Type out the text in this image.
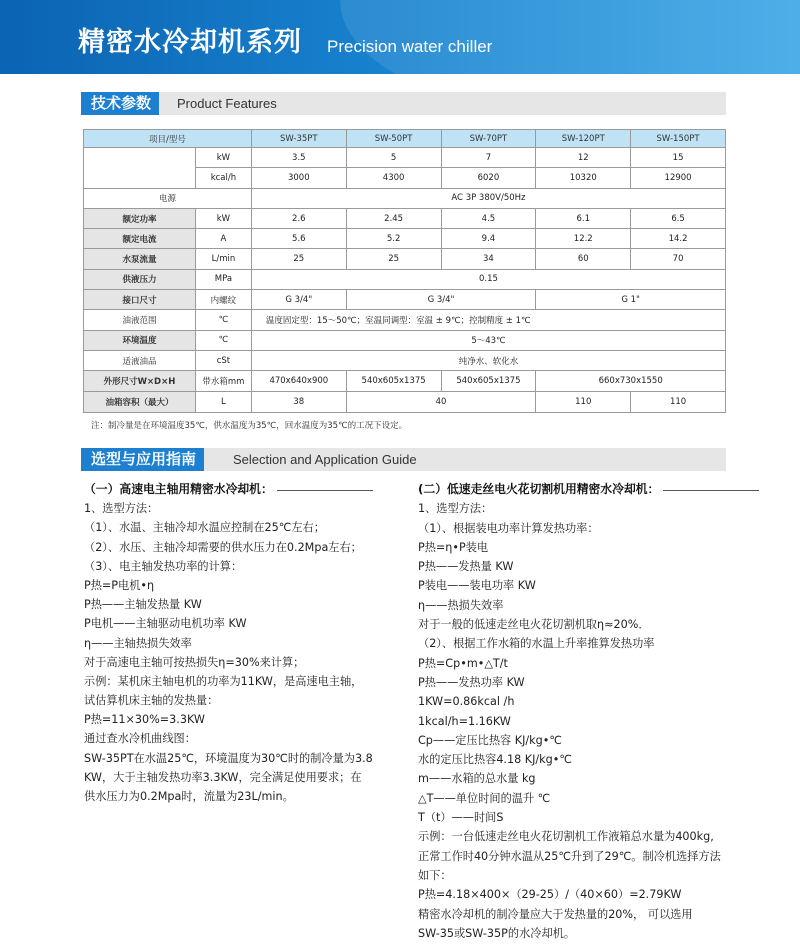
精密水冷却机系列 Precision water chiller
技术参数	Product Features
项目/型号		SW-35PT	SW-50PT	SW-70PT	SW-120PT	SW-150PT
	kW	3.5	5	7	12	15
	kcal/h	3000	4300	6020	10320	12900
电源		AC 3P 380V/50Hz				
额定功率	kW	2.6	2.45	4.5	6.1	6.5
额定电流	A	5.6	5.2	9.4	12.2	14.2
水泵流量	L/min	25	25	34	60	70
供液压力	MPa	0.15				
接口尺寸	内螺纹	G 3/4"	G 3/4"		G 1"	
油液范围	℃	温度固定型：15～50℃；室温同调型：室温 ± 9℃；控制精度 ± 1℃				
环境温度	℃	5～43℃				
适液油品	cSt	纯净水、软化水				
外形尺寸W×D×H	带水箱mm	470x640x900	540x605x1375	540x605x1375	660x730x1550	
油箱容积（最大）	L	38	40		110	110
注：制冷量是在环境温度35℃，供水温度为35℃，回水温度为35℃的工况下设定。
选型与应用指南	Selection and Application Guide
（一）高速电主轴用精密水冷却机：
1、选型方法：
（1）、水温、主轴冷却水温应控制在25℃左右；
（2）、水压、主轴冷却需要的供水压力在0.2Mpa左右；
（3）、电主轴发热功率的计算：
P热=P电机•η
P热——主轴发热量 KW
P电机——主轴驱动电机功率 KW
η——主轴热损失效率
对于高速电主轴可按热损失η=30%来计算；
示例：某机床主轴电机的功率为11KW，是高速电主轴，
试估算机床主轴的发热量：
P热=11×30%=3.3KW
通过查水冷机曲线图：
SW-35PT在水温25℃，环境温度为30℃时的制冷量为3.8
KW，大于主轴发热功率3.3KW，完全满足使用要求；在
供水压力为0.2Mpa时，流量为23L/min。
(二）低速走丝电火花切割机用精密水冷却机：
1、选型方法：
（1）、根据装电功率计算发热功率：
P热=η•P装电
P热——发热量 KW
P装电——装电功率 KW
η——热损失效率
对于一般的低速走丝电火花切割机取η≈20%．
（2）、根据工作水箱的水温上升率推算发热功率
P热=Cp•m•△T/t
P热——发热功率 KW
1KW=0.86kcal /h
1kcal/h=1.16KW
Cp——定压比热容 KJ/kg•℃
水的定压比热容4.18 KJ/kg•℃
m——水箱的总水量 kg
△T——单位时间的温升 ℃
T（t）——时间S
示例：一台低速走丝电火花切割机工作液箱总水量为400kg,
正常工作时40分钟水温从25℃升到了29℃。制冷机选择方法
如下：
P热=4.18×400×（29-25）/（40×60）=2.79KW
精密水冷却机的制冷量应大于发热量的20%， 可以选用
SW-35或SW-35P的水冷却机。
